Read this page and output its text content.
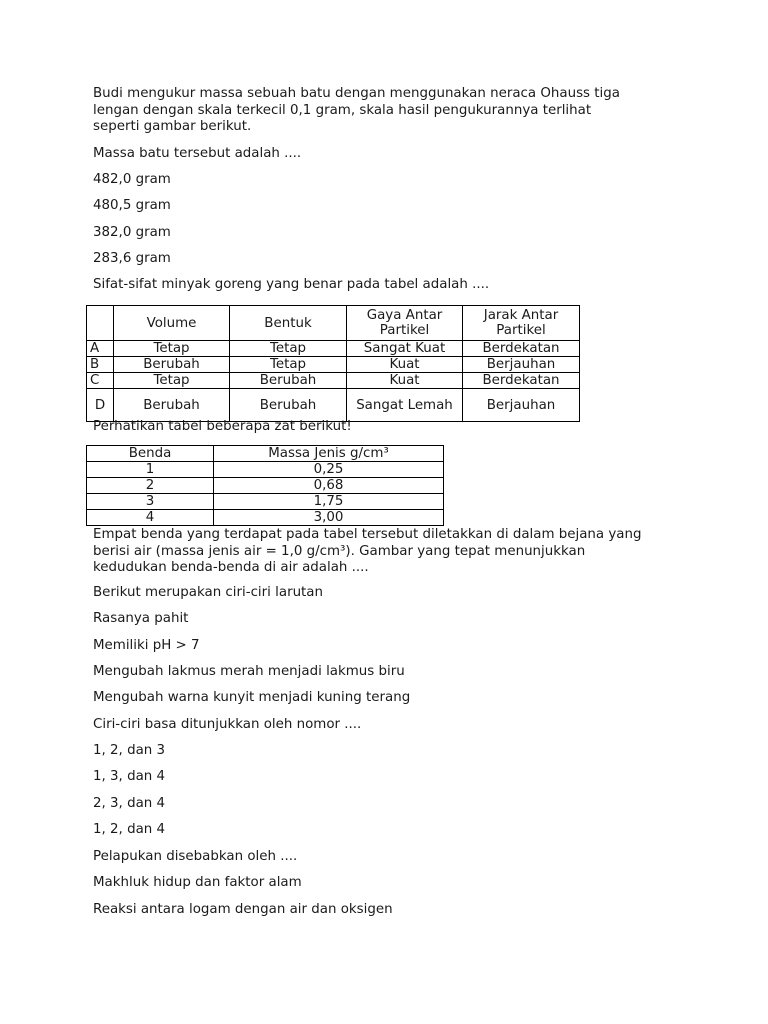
Budi mengukur massa sebuah batu dengan menggunakan neraca Ohauss tiga
lengan dengan skala terkecil 0,1 gram, skala hasil pengukurannya terlihat
seperti gambar berikut.

Massa batu tersebut adalah ....

482,0 gram

480,5 gram

382,0 gram

283,6 gram

Sifat-sifat minyak goreng yang benar pada tabel adalah ....

	Volume	Bentuk	Gaya Antar Partikel	Jarak Antar Partikel
A	Tetap	Tetap	Sangat Kuat	Berdekatan
B	Berubah	Tetap	Kuat	Berjauhan
C	Tetap	Berubah	Kuat	Berdekatan
D	Berubah	Berubah	Sangat Lemah	Berjauhan

Perhatikan tabel beberapa zat berikut!

Benda	Massa Jenis g/cm³
1	0,25
2	0,68
3	1,75
4	3,00

Empat benda yang terdapat pada tabel tersebut diletakkan di dalam bejana yang
berisi air (massa jenis air = 1,0 g/cm³). Gambar yang tepat menunjukkan
kedudukan benda-benda di air adalah ....

Berikut merupakan ciri-ciri larutan

Rasanya pahit

Memiliki pH > 7

Mengubah lakmus merah menjadi lakmus biru

Mengubah warna kunyit menjadi kuning terang

Ciri-ciri basa ditunjukkan oleh nomor ....

1, 2, dan 3

1, 3, dan 4

2, 3, dan 4

1, 2, dan 4

Pelapukan disebabkan oleh ....

Makhluk hidup dan faktor alam

Reaksi antara logam dengan air dan oksigen
